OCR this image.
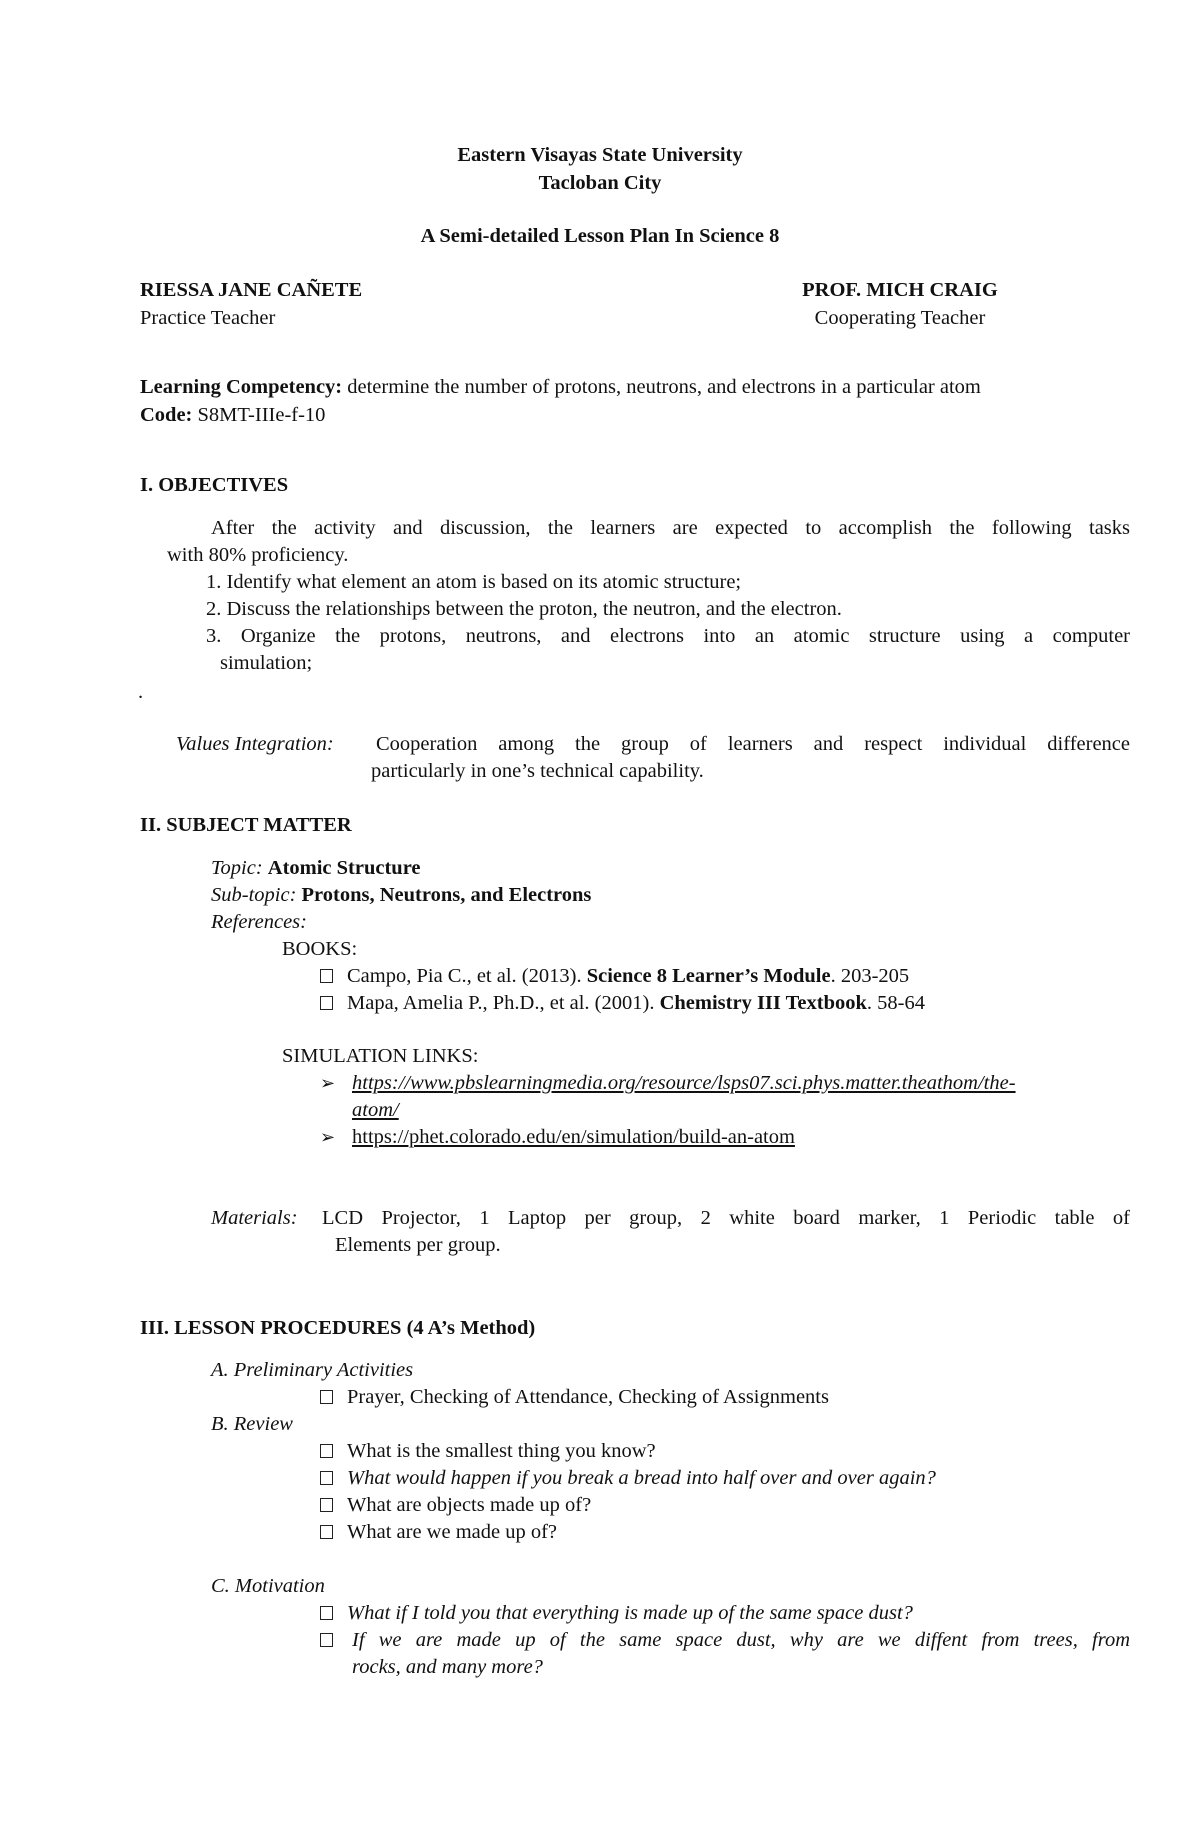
Eastern Visayas State University
Tacloban City
A Semi-detailed Lesson Plan In Science 8
RIESSA JANE CAÑETE
Practice Teacher
PROF. MICH CRAIG
Cooperating Teacher
Learning Competency: determine the number of protons, neutrons, and electrons in a particular atom
Code: S8MT-IIIe-f-10
I. OBJECTIVES
After the activity and discussion, the learners are expected to accomplish the following tasks
with 80% proficiency.
1. Identify what element an atom is based on its atomic structure;
2. Discuss the relationships between the proton, the neutron, and the electron.
3. Organize the protons, neutrons, and electrons into an atomic structure using a computer
simulation;
.
Values Integration:	Cooperation among the group of learners and respect individual difference
particularly in one’s technical capability.
II. SUBJECT MATTER
Topic: Atomic Structure
Sub-topic: Protons, Neutrons, and Electrons
References:
BOOKS:
Campo, Pia C., et al. (2013). Science 8 Learner’s Module. 203-205
Mapa, Amelia P., Ph.D., et al. (2001). Chemistry III Textbook. 58-64
SIMULATION LINKS:
➢ https://www.pbslearningmedia.org/resource/lsps07.sci.phys.matter.theathom/the-
atom/
➢ https://phet.colorado.edu/en/simulation/build-an-atom
Materials: LCD Projector, 1 Laptop per group, 2 white board marker, 1 Periodic table of
Elements per group.
III. LESSON PROCEDURES (4 A’s Method)
A. Preliminary Activities
Prayer, Checking of Attendance, Checking of Assignments
B. Review
What is the smallest thing you know?
What would happen if you break a bread into half over and over again?
What are objects made up of?
What are we made up of?
C. Motivation
What if I told you that everything is made up of the same space dust?
If we are made up of the same space dust, why are we diffent from trees, from
rocks, and many more?
